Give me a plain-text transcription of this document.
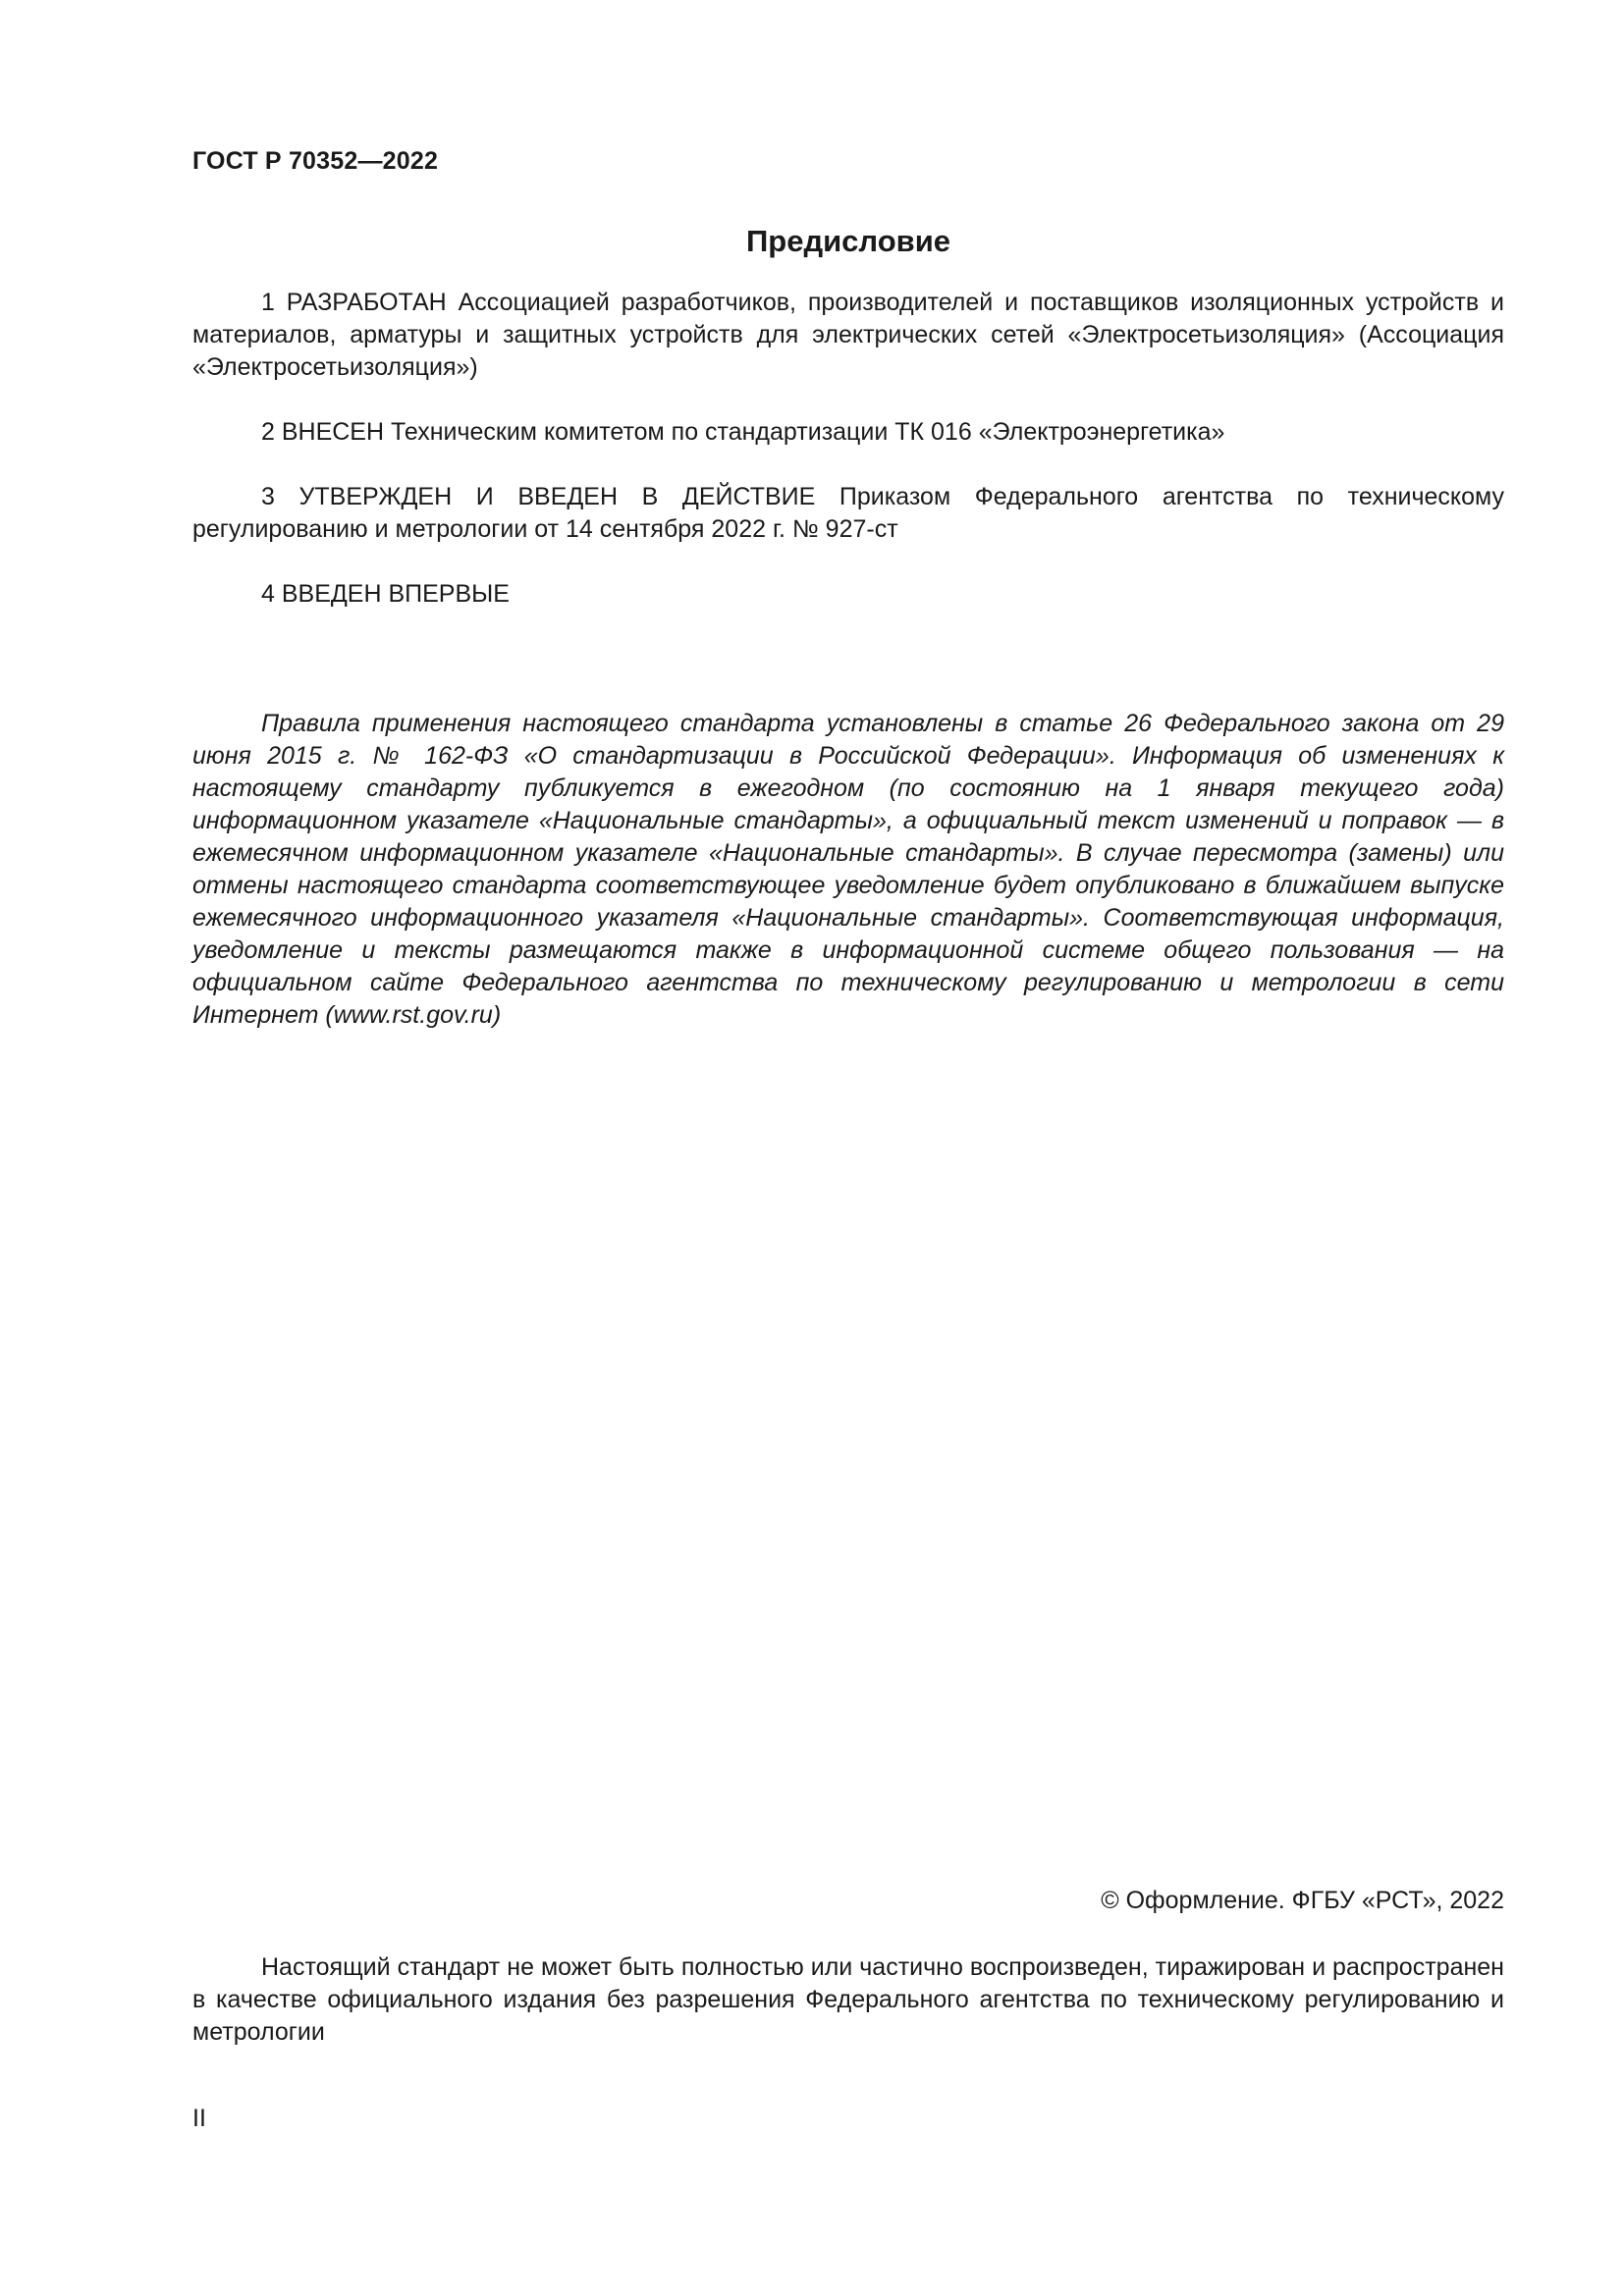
ГОСТ Р 70352—2022
Предисловие

1 РАЗРАБОТАН Ассоциацией разработчиков, производителей и поставщиков изоляционных устройств и материалов, арматуры и защитных устройств для электрических сетей «Электросетьизоляция» (Ассоциация «Электросетьизоляция»)

2 ВНЕСЕН Техническим комитетом по стандартизации ТК 016 «Электроэнергетика»

3 УТВЕРЖДЕН И ВВЕДЕН В ДЕЙСТВИЕ Приказом Федерального агентства по техническому регулированию и метрологии от 14 сентября 2022 г. № 927-ст

4 ВВЕДЕН ВПЕРВЫЕ

Правила применения настоящего стандарта установлены в статье 26 Федерального закона от 29 июня 2015 г. № 162-ФЗ «О стандартизации в Российской Федерации». Информация об изменениях к настоящему стандарту публикуется в ежегодном (по состоянию на 1 января текущего года) информационном указателе «Национальные стандарты», а официальный текст изменений и поправок — в ежемесячном информационном указателе «Национальные стандарты». В случае пересмотра (замены) или отмены настоящего стандарта соответствующее уведомление будет опубликовано в ближайшем выпуске ежемесячного информационного указателя «Национальные стандарты». Соответствующая информация, уведомление и тексты размещаются также в информационной системе общего пользования — на официальном сайте Федерального агентства по техническому регулированию и метрологии в сети Интернет (www.rst.gov.ru)

© Оформление. ФГБУ «РСТ», 2022

Настоящий стандарт не может быть полностью или частично воспроизведен, тиражирован и распространен в качестве официального издания без разрешения Федерального агентства по техническому регулированию и метрологии

II
